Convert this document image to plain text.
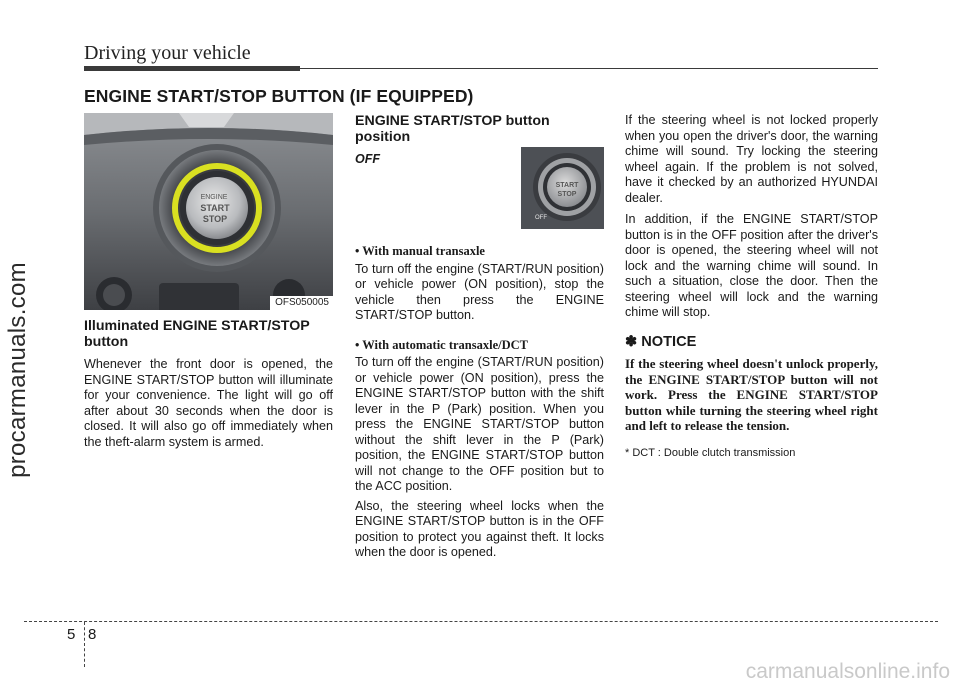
Driving your vehicle
ENGINE START/STOP BUTTON (IF EQUIPPED)
ENGINE
START
STOP
OFS050005
Illuminated ENGINE START/STOP button

Whenever the front door is opened, the ENGINE START/STOP button will illuminate for your convenience. The light will go off after about 30 seconds when the door is closed. It will also go off immediately when the theft-alarm system is armed.

ENGINE START/STOP button position
OFF

• With manual transaxle

To turn off the engine (START/RUN position) or vehicle power (ON position), stop the vehicle then press the ENGINE START/STOP button.

• With automatic transaxle/DCT

To turn off the engine (START/RUN position) or vehicle power (ON position), press the ENGINE START/STOP button with the shift lever in the P (Park) position. When you press the ENGINE START/STOP button without the shift lever in the P (Park) position, the ENGINE START/STOP button will not change to the OFF position but to the ACC position.

Also, the steering wheel locks when the ENGINE START/STOP button is in the OFF position to protect you against theft. It locks when the door is opened.

START
STOP
OFF

If the steering wheel is not locked properly when you open the driver's door, the warning chime will sound. Try locking the steering wheel again. If the problem is not solved, have it checked by an authorized HYUNDAI dealer.

In addition, if the ENGINE START/STOP button is in the OFF position after the driver's door is opened, the steering wheel will not lock and the warning chime will sound. In such a situation, close the door. Then the steering wheel will lock and the warning chime will stop.

✽ NOTICE
If the steering wheel doesn't unlock properly, the ENGINE START/STOP button will not work. Press the ENGINE START/STOP button while turning the steering wheel right and left to release the tension.
* DCT : Double clutch transmission
5 8
procarmanuals.com
carmanualsonline.info
